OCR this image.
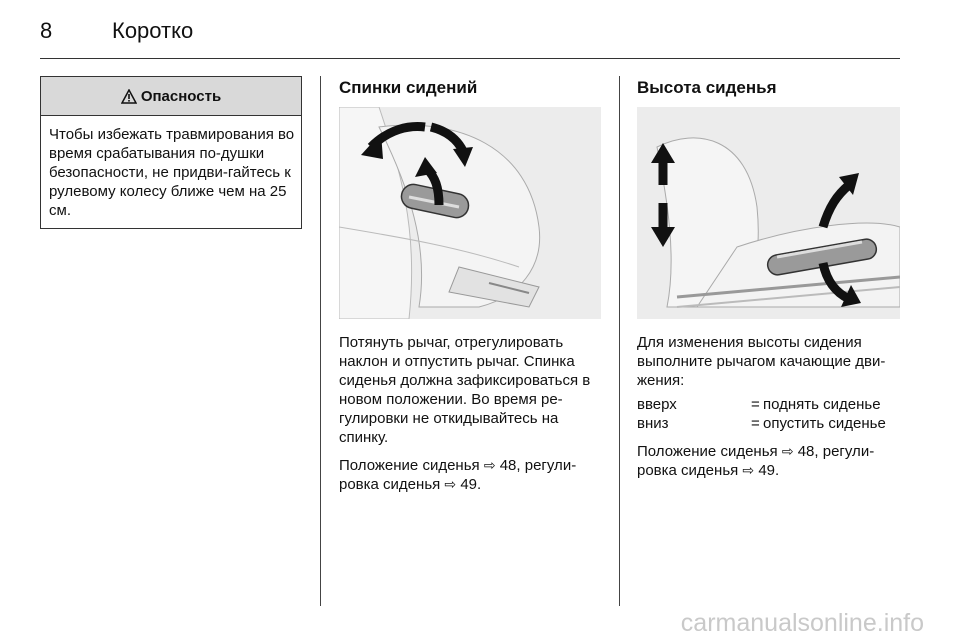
8	Коротко
Опасность
Чтобы избежать травмирования во время срабатывания по-душки безопасности, не придви-гайтесь к рулевому колесу ближе чем на 25 см.
Спинки сидений

Потянуть рычаг, отрегулировать наклон и отпустить рычаг. Спинка сиденья должна зафиксироваться в новом положении. Во время ре-гулировки не откидывайтесь на спинку.

Положение сиденья ⇨ 48, регули-ровка сиденья ⇨ 49.

Высота сиденья

Для изменения высоты сидения выполните рычагом качающие дви-жения:

вверх	=	поднять сиденье
вниз	=	опустить сиденье

Положение сиденья ⇨ 48, регули-ровка сиденья ⇨ 49.

carmanualsonline.info
